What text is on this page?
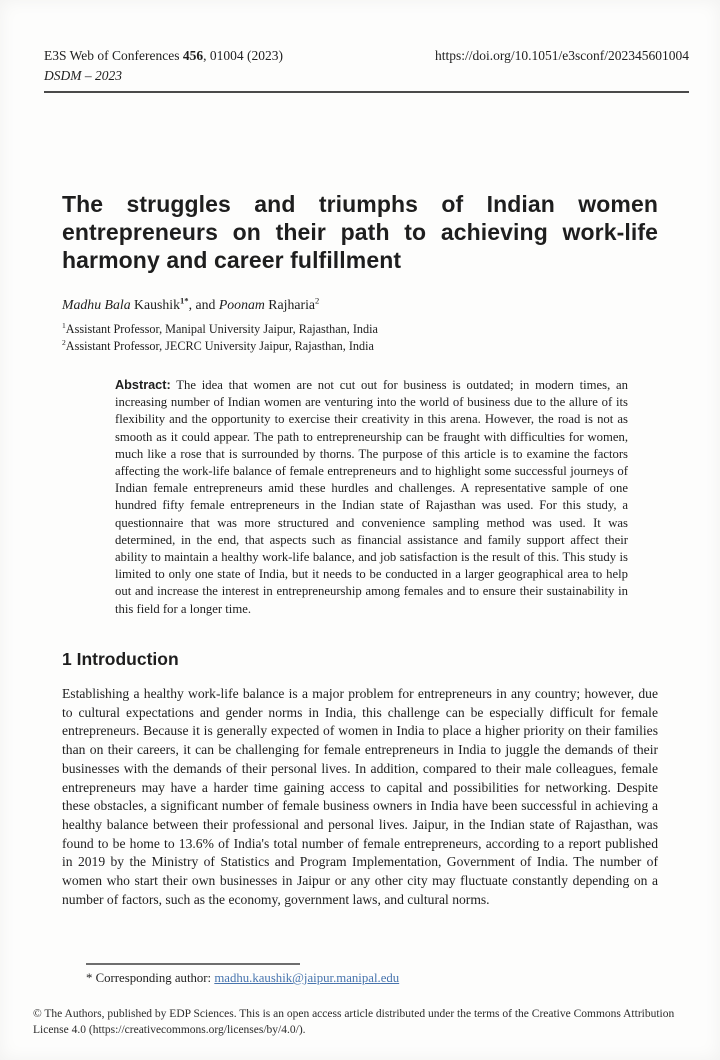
E3S Web of Conferences 456, 01004 (2023)	https://doi.org/10.1051/e3sconf/202345601004
DSDM – 2023
The struggles and triumphs of Indian women entrepreneurs on their path to achieving work-life harmony and career fulfillment

Madhu Bala Kaushik$^{1*}$, and Poonam Rajharia$^2$

$^1$Assistant Professor, Manipal University Jaipur, Rajasthan, India

$^2$Assistant Professor, JECRC University Jaipur, Rajasthan, India

Abstract: The idea that women are not cut out for business is outdated; in modern times, an increasing number of Indian women are venturing into the world of business due to the allure of its flexibility and the opportunity to exercise their creativity in this arena. However, the road is not as smooth as it could appear. The path to entrepreneurship can be fraught with difficulties for women, much like a rose that is surrounded by thorns. The purpose of this article is to examine the factors affecting the work-life balance of female entrepreneurs and to highlight some successful journeys of Indian female entrepreneurs amid these hurdles and challenges. A representative sample of one hundred fifty female entrepreneurs in the Indian state of Rajasthan was used. For this study, a questionnaire that was more structured and convenience sampling method was used. It was determined, in the end, that aspects such as financial assistance and family support affect their ability to maintain a healthy work-life balance, and job satisfaction is the result of this. This study is limited to only one state of India, but it needs to be conducted in a larger geographical area to help out and increase the interest in entrepreneurship among females and to ensure their sustainability in this field for a longer time.

1 Introduction

Establishing a healthy work-life balance is a major problem for entrepreneurs in any country; however, due to cultural expectations and gender norms in India, this challenge can be especially difficult for female entrepreneurs. Because it is generally expected of women in India to place a higher priority on their families than on their careers, it can be challenging for female entrepreneurs in India to juggle the demands of their businesses with the demands of their personal lives. In addition, compared to their male colleagues, female entrepreneurs may have a harder time gaining access to capital and possibilities for networking. Despite these obstacles, a significant number of female business owners in India have been successful in achieving a healthy balance between their professional and personal lives. Jaipur, in the Indian state of Rajasthan, was found to be home to 13.6% of India's total number of female entrepreneurs, according to a report published in 2019 by the Ministry of Statistics and Program Implementation, Government of India. The number of women who start their own businesses in Jaipur or any other city may fluctuate constantly depending on a number of factors, such as the economy, government laws, and cultural norms.

* Corresponding author: madhu.kaushik@jaipur.manipal.edu

© The Authors, published by EDP Sciences. This is an open access article distributed under the terms of the Creative Commons Attribution License 4.0 (https://creativecommons.org/licenses/by/4.0/).
